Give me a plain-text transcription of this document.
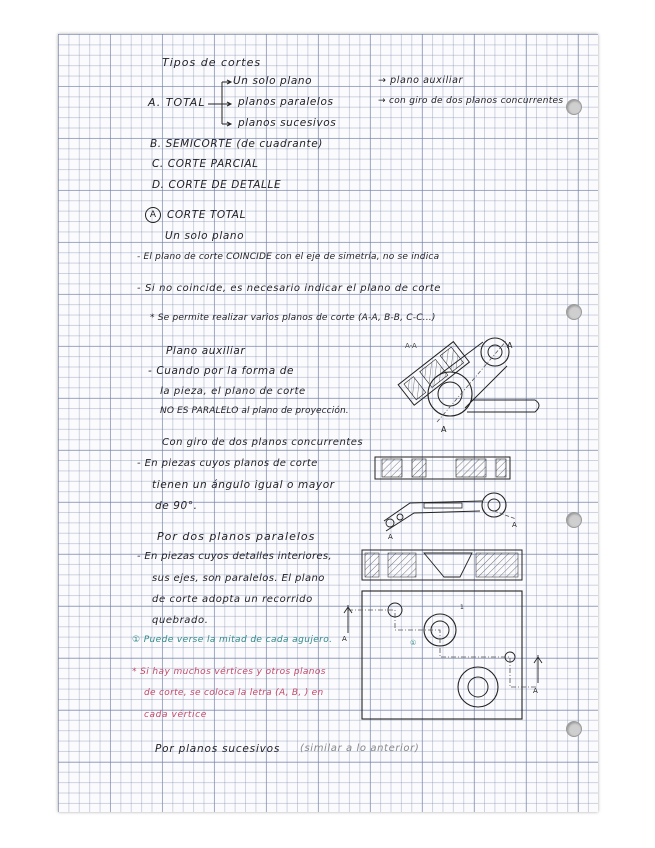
Tipos de cortes
A. TOTAL
Un solo plano
planos paralelos
planos sucesivos
→ plano auxiliar
→ con giro de dos planos concurrentes
B. SEMICORTE (de cuadrante)
C. CORTE PARCIAL
D. CORTE DE DETALLE
A	CORTE TOTAL
Un solo plano
- El plano de corte COINCIDE con el eje de simetría, no se indica
- Si no coincide, es necesario indicar el plano de corte
* Se permite realizar varios planos de corte (A-A, B-B, C-C...)
Plano auxiliar
- Cuando por la forma de
la pieza, el plano de corte
NO ES PARALELO al plano de proyección.
A
A
A-A
Con giro de dos planos concurrentes
- En piezas cuyos planos de corte
tienen un ángulo igual o mayor
de 90°.
A
A
Por dos planos paralelos
- En piezas cuyos detalles interiores,
sus ejes, son paralelos. El plano
de corte adopta un recorrido
quebrado.
① Puede verse la mitad de cada agujero.
* Si hay muchos vértices y otros planos
de corte, se coloca la letra (A, B, ) en
cada vértice
A
A
1
①
Por planos sucesivos (similar a lo anterior)
